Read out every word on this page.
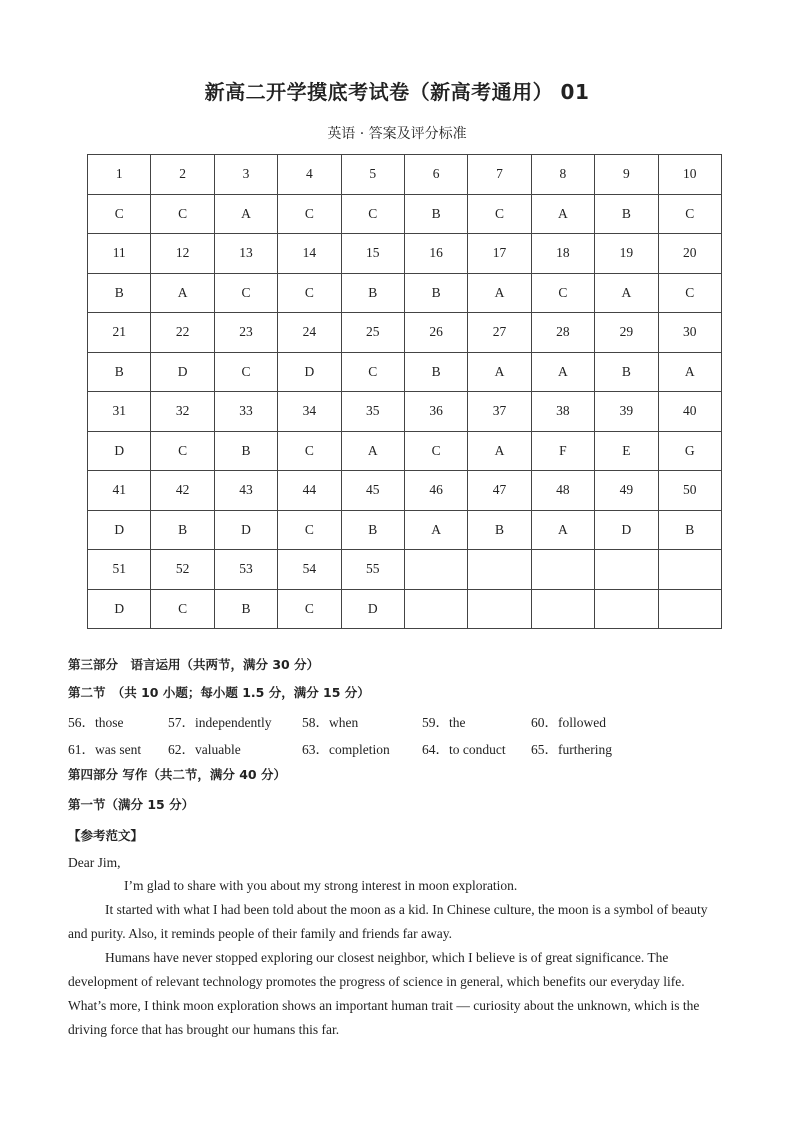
新高二开学摸底考试卷（新高考通用） 01
英语 · 答案及评分标准
1	2	3	4	5	6	7	8	9	10
C	C	A	C	C	B	C	A	B	C
11	12	13	14	15	16	17	18	19	20
B	A	C	C	B	B	A	C	A	C
21	22	23	24	25	26	27	28	29	30
B	D	C	D	C	B	A	A	B	A
31	32	33	34	35	36	37	38	39	40
D	C	B	C	A	C	A	F	E	G
41	42	43	44	45	46	47	48	49	50
D	B	D	C	B	A	B	A	D	B
51	52	53	54	55					
D	C	B	C	D					
第三部分　语言运用（共两节，满分 30 分）
第二节　（共 10 小题；每小题 1.5 分，满分 15 分）
56．those	57．independently 58．when	59．the	60．followed
61．was sent 62．valuable	63．completion 64．to conduct 65．furthering
第四部分 写作（共二节，满分 40 分）
第一节（满分 15 分）
【参考范文】
Dear Jim,
I’m glad to share with you about my strong interest in moon exploration.
It started with what I had been told about the moon as a kid. In Chinese culture, the moon is a symbol of beauty and purity. Also, it reminds people of their family and friends far away.
Humans have never stopped exploring our closest neighbor, which I believe is of great significance. The development of relevant technology promotes the progress of science in general, which benefits our everyday life. What’s more, I think moon exploration shows an important human trait — curiosity about the unknown, which is the driving force that has brought our humans this far.
